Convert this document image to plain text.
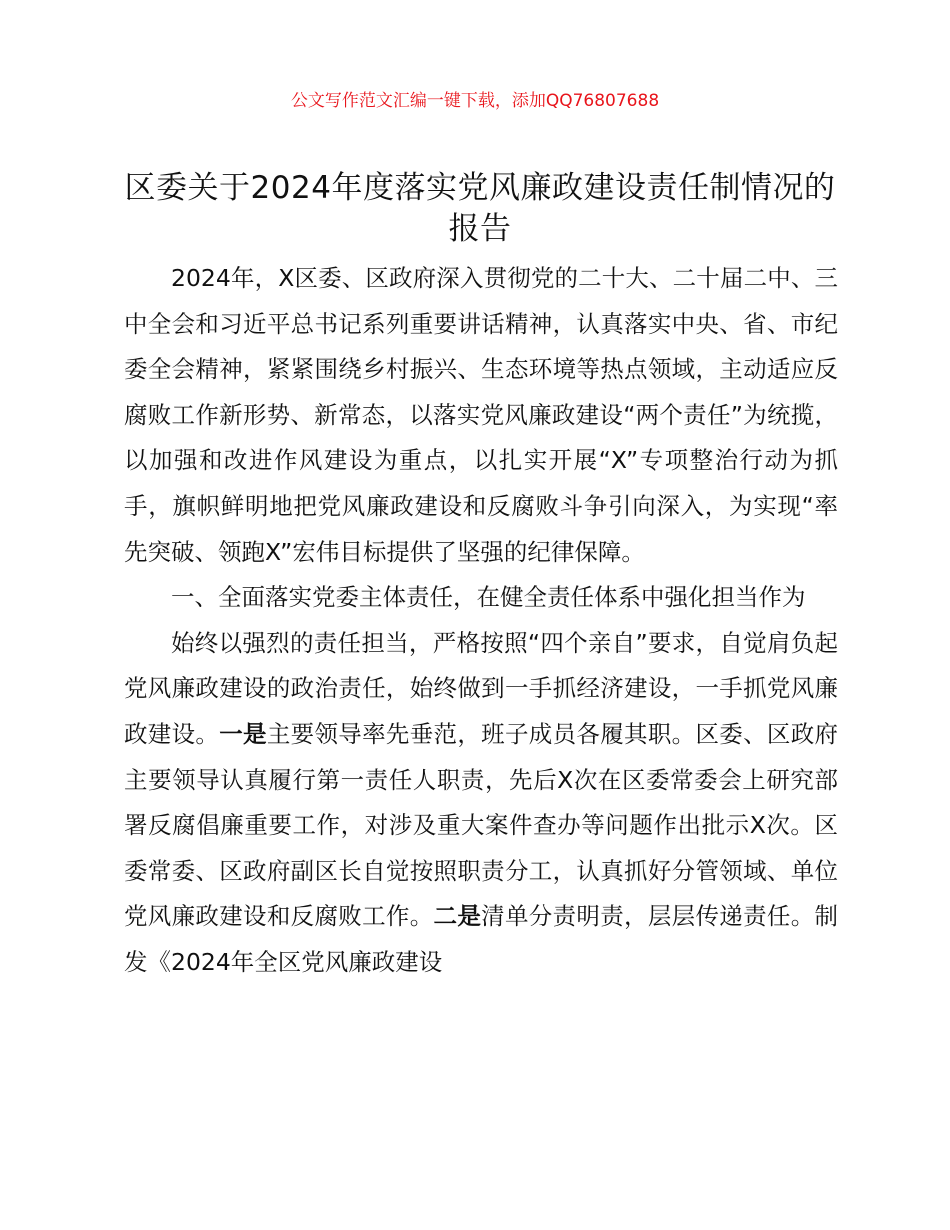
公文写作范文汇编一键下载，添加QQ76807688
区委关于2024年度落实党风廉政建设责任制情况的报告

2024年，X区委、区政府深入贯彻党的二十大、二十届二中、三中全会和习近平总书记系列重要讲话精神，认真落实中央、省、市纪委全会精神，紧紧围绕乡村振兴、生态环境等热点领域，主动适应反腐败工作新形势、新常态，以落实党风廉政建设“两个责任”为统揽，以加强和改进作风建设为重点，以扎实开展“X”专项整治行动为抓手，旗帜鲜明地把党风廉政建设和反腐败斗争引向深入，为实现“率先突破、领跑X”宏伟目标提供了坚强的纪律保障。

一、全面落实党委主体责任，在健全责任体系中强化担当作为

始终以强烈的责任担当，严格按照“四个亲自”要求，自觉肩负起党风廉政建设的政治责任，始终做到一手抓经济建设，一手抓党风廉政建设。一是主要领导率先垂范，班子成员各履其职。区委、区政府主要领导认真履行第一责任人职责，先后X次在区委常委会上研究部署反腐倡廉重要工作，对涉及重大案件查办等问题作出批示X次。区委常委、区政府副区长自觉按照职责分工，认真抓好分管领域、单位党风廉政建设和反腐败工作。二是清单分责明责，层层传递责任。制发《2024年全区党风廉政建设
